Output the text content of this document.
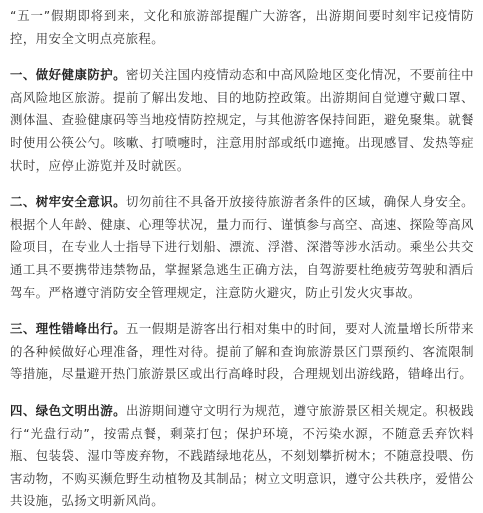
“五一”假期即将到来，文化和旅游部提醒广大游客，出游期间要时刻牢记疫情防控，用安全文明点亮旅程。

一、做好健康防护。密切关注国内疫情动态和中高风险地区变化情况，不要前往中高风险地区旅游。提前了解出发地、目的地防控政策。出游期间自觉遵守戴口罩、测体温、查验健康码等当地疫情防控规定，与其他游客保持间距，避免聚集。就餐时使用公筷公勺。咳嗽、打喷嚏时，注意用肘部或纸巾遮掩。出现感冒、发热等症状时，应停止游览并及时就医。

二、树牢安全意识。切勿前往不具备开放接待旅游者条件的区域，确保人身安全。根据个人年龄、健康、心理等状况，量力而行、谨慎参与高空、高速、探险等高风险项目，在专业人士指导下进行划船、漂流、浮潜、深潜等涉水活动。乘坐公共交通工具不要携带违禁物品，掌握紧急逃生正确方法，自驾游要杜绝疲劳驾驶和酒后驾车。严格遵守消防安全管理规定，注意防火避灾，防止引发火灾事故。

三、理性错峰出行。五一假期是游客出行相对集中的时间，要对人流量增长所带来的各种候做好心理准备，理性对待。提前了解和查询旅游景区门票预约、客流限制等措施，尽量避开热门旅游景区或出行高峰时段，合理规划出游线路，错峰出行。

四、绿色文明出游。出游期间遵守文明行为规范，遵守旅游景区相关规定。积极践行“光盘行动”，按需点餐，剩菜打包；保护环境，不污染水源，不随意丢弃饮料瓶、包装袋、湿巾等废弃物，不践踏绿地花丛，不刻划攀折树木；不随意投喂、伤害动物，不购买濒危野生动植物及其制品；树立文明意识，遵守公共秩序，爱惜公共设施，弘扬文明新风尚。
